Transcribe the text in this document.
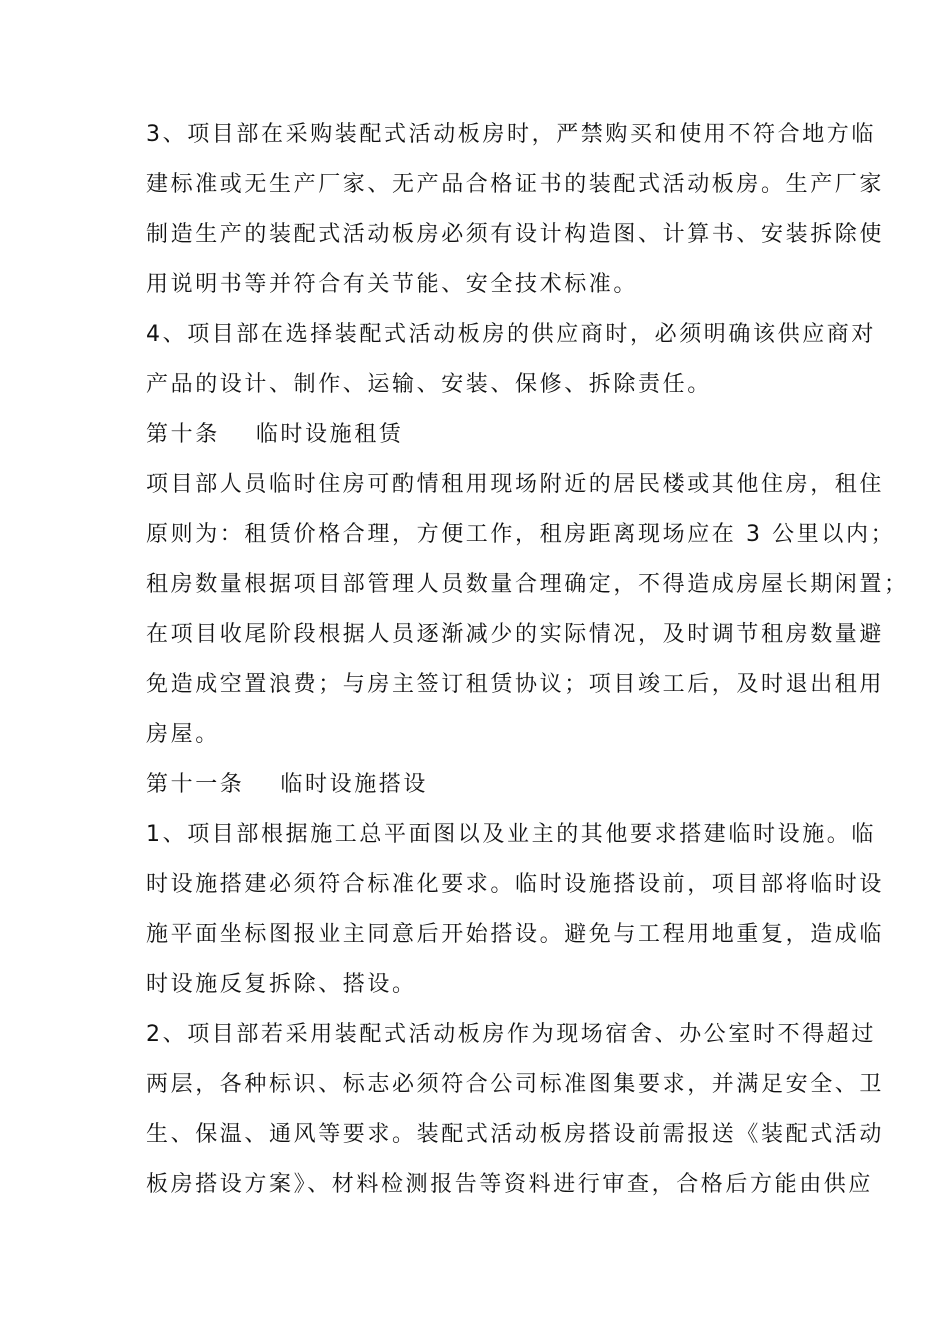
3、项目部在采购装配式活动板房时，严禁购买和使用不符合地方临
建标准或无生产厂家、无产品合格证书的装配式活动板房。生产厂家
制造生产的装配式活动板房必须有设计构造图、计算书、安装拆除使
用说明书等并符合有关节能、安全技术标准。
4、项目部在选择装配式活动板房的供应商时，必须明确该供应商对
产品的设计、制作、运输、安装、保修、拆除责任。
第十条 临时设施租赁
项目部人员临时住房可酌情租用现场附近的居民楼或其他住房，租住
原则为：租赁价格合理，方便工作，租房距离现场应在 3 公里以内；
租房数量根据项目部管理人员数量合理确定，不得造成房屋长期闲置；
在项目收尾阶段根据人员逐渐减少的实际情况，及时调节租房数量避
免造成空置浪费；与房主签订租赁协议；项目竣工后，及时退出租用
房屋。
第十一条 临时设施搭设
1、项目部根据施工总平面图以及业主的其他要求搭建临时设施。临
时设施搭建必须符合标准化要求。临时设施搭设前，项目部将临时设
施平面坐标图报业主同意后开始搭设。避免与工程用地重复，造成临
时设施反复拆除、搭设。
2、项目部若采用装配式活动板房作为现场宿舍、办公室时不得超过
两层，各种标识、标志必须符合公司标准图集要求，并满足安全、卫
生、保温、通风等要求。装配式活动板房搭设前需报送《装配式活动
板房搭设方案》、材料检测报告等资料进行审查，合格后方能由供应
